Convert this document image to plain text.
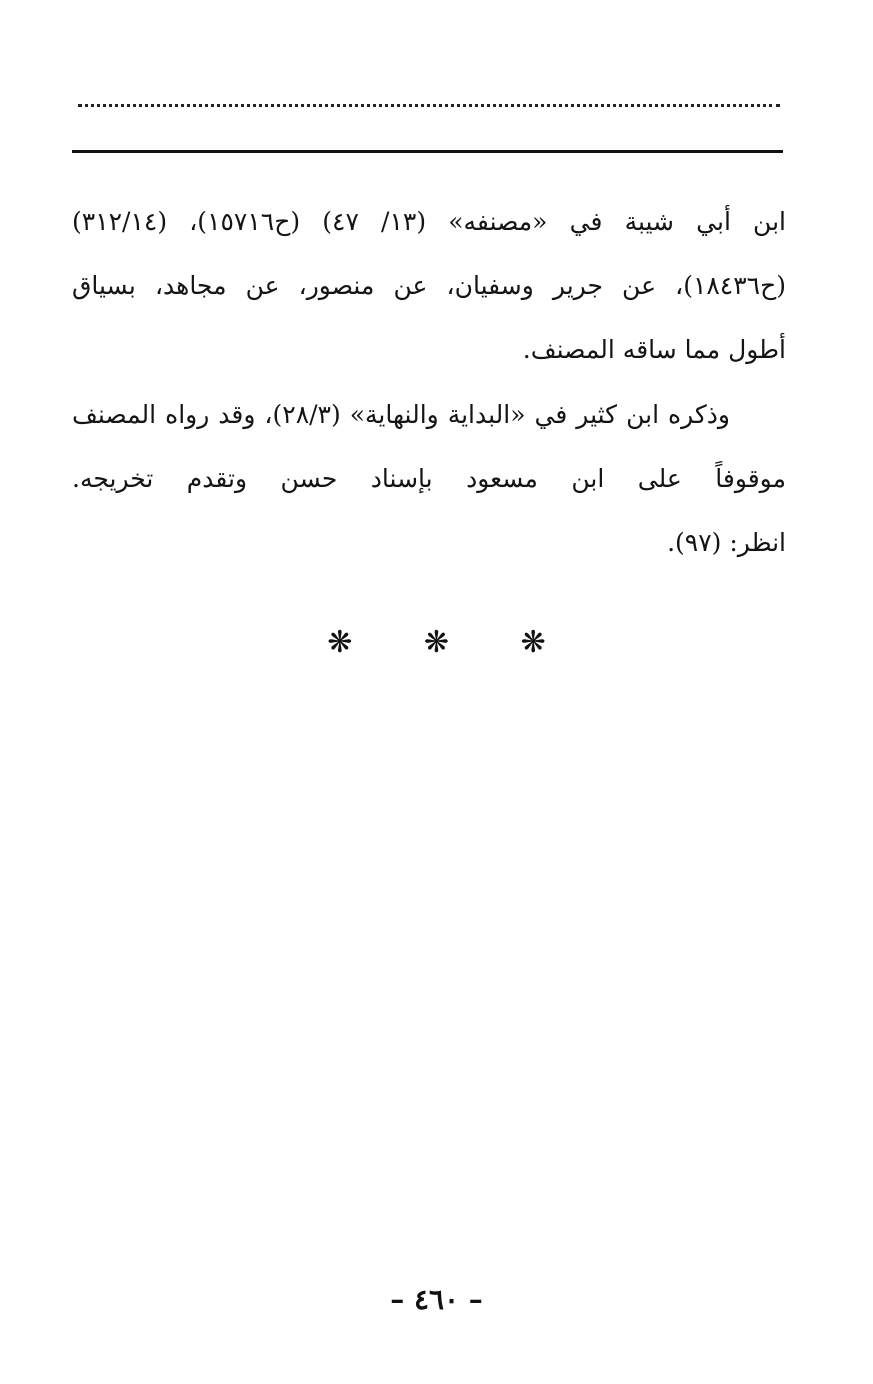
ابن أبي شيبة في «مصنفه» (١٣/ ٤٧) (ح١٥٧١٦)، (٣١٢/١٤)
(ح١٨٤٣٦)، عن جرير وسفيان، عن منصور، عن مجاهد، بسياق
أطول مما ساقه المصنف.
وذكره ابن كثير في «البداية والنهاية» (٢٨/٣)، وقد رواه المصنف
موقوفاً على ابن مسعود بإسناد حسن وتقدم تخريجه.
انظر: (٩٧).
❋ ❋ ❋
– ٤٦٠ –
